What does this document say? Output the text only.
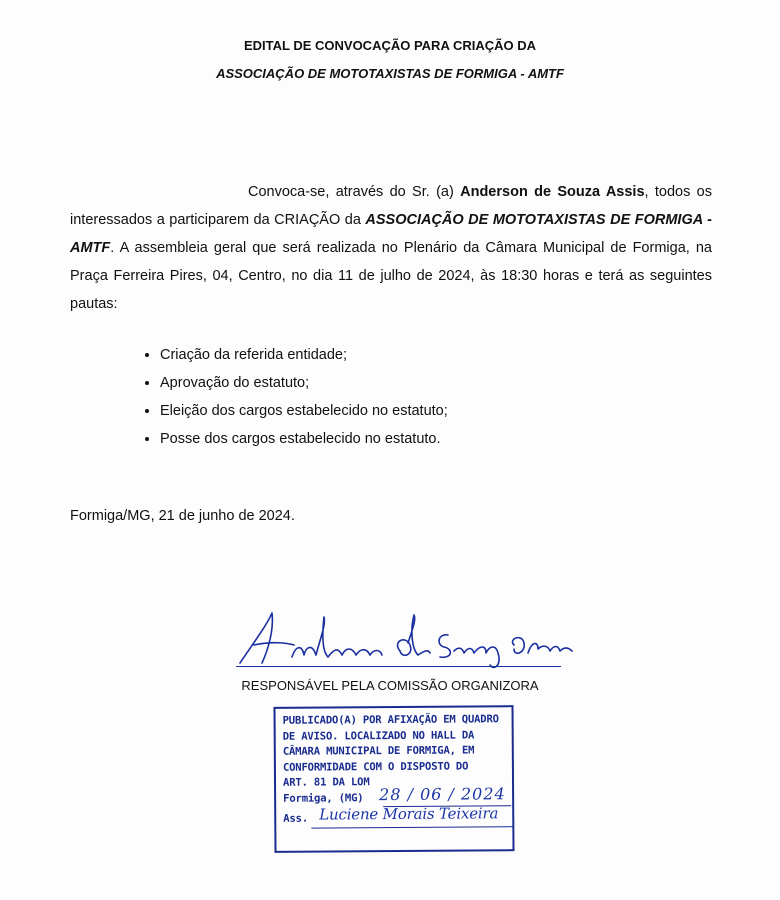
EDITAL DE CONVOCAÇÃO PARA CRIAÇÃO DA
ASSOCIAÇÃO DE MOTOTAXISTAS DE FORMIGA - AMTF
Convoca-se, através do Sr. (a) Anderson de Souza Assis, todos os interessados a participarem da CRIAÇÃO da ASSOCIAÇÃO DE MOTOTAXISTAS DE FORMIGA - AMTF. A assembleia geral que será realizada no Plenário da Câmara Municipal de Formiga, na Praça Ferreira Pires, 04, Centro, no dia 11 de julho de 2024, às 18:30 horas e terá as seguintes pautas:
• Criação da referida entidade;
• Aprovação do estatuto;
• Eleição dos cargos estabelecido no estatuto;
• Posse dos cargos estabelecido no estatuto.
Formiga/MG, 21 de junho de 2024.
RESPONSÁVEL PELA COMISSÃO ORGANIZORA
PUBLICADO(A) POR AFIXAÇÃO EM QUADRO
DE AVISO. LOCALIZADO NO HALL DA
CÂMARA MUNICIPAL DE FORMIGA, EM
CONFORMIDADE COM O DISPOSTO DO
ART. 81 DA LOM
Formiga, (MG) 28 / 06 / 2024
Ass. Luciene Morais Teixeira
